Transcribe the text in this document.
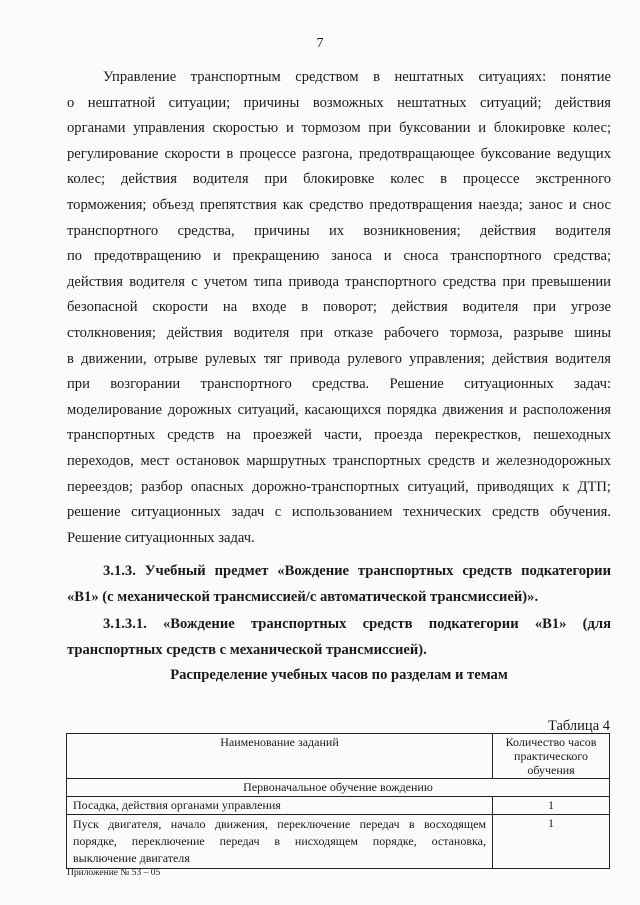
7
Управление транспортным средством в нештатных ситуациях: понятие
о нештатной ситуации; причины возможных нештатных ситуаций; действия
органами управления скоростью и тормозом при буксовании и блокировке колес;
регулирование скорости в процессе разгона, предотвращающее буксование ведущих
колес; действия водителя при блокировке колес в процессе экстренного
торможения; объезд препятствия как средство предотвращения наезда; занос и снос
транспортного средства, причины их возникновения; действия водителя
по предотвращению и прекращению заноса и сноса транспортного средства;
действия водителя с учетом типа привода транспортного средства при превышении
безопасной скорости на входе в поворот; действия водителя при угрозе
столкновения; действия водителя при отказе рабочего тормоза, разрыве шины
в движении, отрыве рулевых тяг привода рулевого управления; действия водителя
при возгорании транспортного средства. Решение ситуационных задач:
моделирование дорожных ситуаций, касающихся порядка движения и расположения
транспортных средств на проезжей части, проезда перекрестков, пешеходных
переходов, мест остановок маршрутных транспортных средств и железнодорожных
переездов; разбор опасных дорожно-транспортных ситуаций, приводящих к ДТП;
решение ситуационных задач с использованием технических средств обучения.
Решение ситуационных задач.
3.1.3. Учебный предмет «Вождение транспортных средств подкатегории
«B1» (с механической трансмиссией/с автоматической трансмиссией)».
3.1.3.1. «Вождение транспортных средств подкатегории «B1» (для
транспортных средств с механической трансмиссией).
Распределение учебных часов по разделам и темам
Таблица 4
Наименование заданий	Количество часов
практического
обучения

Первоначальное обучение вождению	
Посадка, действия органами управления	1

Пуск двигателя, начало движения, переключение передач в восходящем
порядке, переключение передач в нисходящем порядке, остановка,
выключение двигателя	1
Приложение № 53 – 05
